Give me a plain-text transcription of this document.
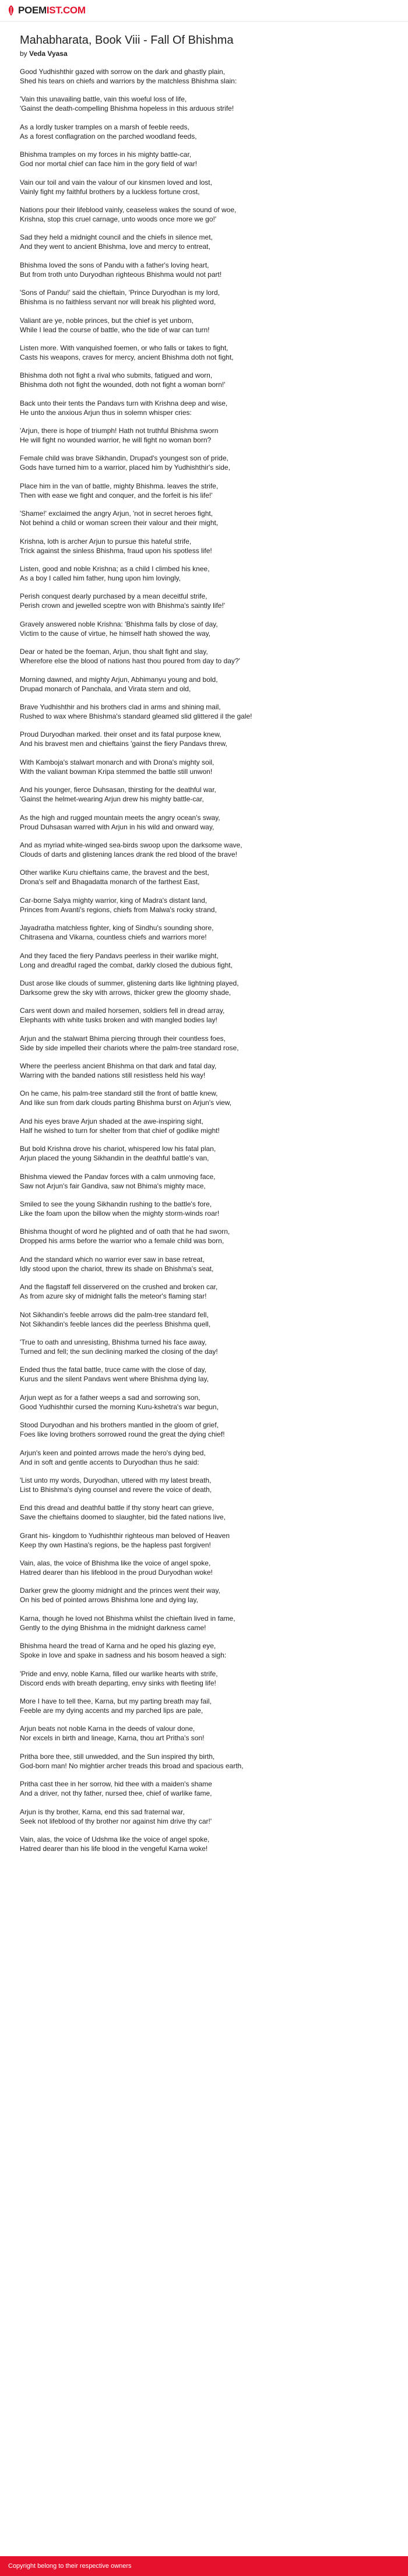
POEM IST.COM
Mahabharata, Book Viii - Fall Of Bhishma

by Veda Vyasa

Good Yudhishthir gazed with sorrow on the dark and ghastly plain,
Shed his tears on chiefs and warriors by the matchless Bhishma slain:

'Vain this unavailing battle, vain this woeful loss of life,
'Gainst the death-compelling Bhishma hopeless in this arduous strife!

As a lordly tusker tramples on a marsh of feeble reeds,
As a forest conflagration on the parched woodland feeds,

Bhishma tramples on my forces in his mighty battle-car,
God nor mortal chief can face him in the gory field of war!

Vain our toil and vain the valour of our kinsmen loved and lost,
Vainly fight my faithful brothers by a luckless fortune crost,

Nations pour their lifeblood vainly, ceaseless wakes the sound of woe,
Krishna, stop this cruel carnage, unto woods once more we go!'

Sad they held a midnight council and the chiefs in silence met,
And they went to ancient Bhishma, love and mercy to entreat,

Bhishma loved the sons of Pandu with a father's loving heart,
But from troth unto Duryodhan righteous Bhishma would not part!

'Sons of Pandu!' said the chieftain, 'Prince Duryodhan is my lord,
Bhishma is no faithless servant nor will break his plighted word,

Valiant are ye, noble princes, but the chief is yet unborn,
While I lead the course of battle, who the tide of war can turn!

Listen more. With vanquished foemen, or who falls or takes to fight,
Casts his weapons, craves for mercy, ancient Bhishma doth not fight,

Bhishma doth not fight a rival who submits, fatigued and worn,
Bhishma doth not fight the wounded, doth not fight a woman born!'

Back unto their tents the Pandavs turn with Krishna deep and wise,
He unto the anxious Arjun thus in solemn whisper cries:

'Arjun, there is hope of triumph! Hath not truthful Bhishma sworn
He will fight no wounded warrior, he will fight no woman born?

Female child was brave Sikhandin, Drupad's youngest son of pride,
Gods have turned him to a warrior, placed him by Yudhishthir's side,

Place him in the van of battle, mighty Bhishma. leaves the strife,
Then with ease we fight and conquer, and the forfeit is his life!'

'Shame!' exclaimed the angry Arjun, 'not in secret heroes fight,
Not behind a child or woman screen their valour and their might,

Krishna, loth is archer Arjun to pursue this hateful strife,
Trick against the sinless Bhishma, fraud upon his spotless life!

Listen, good and noble Krishna; as a child I climbed his knee,
As a boy I called him father, hung upon him lovingly,

Perish conquest dearly purchased by a mean deceitful strife,
Perish crown and jewelled sceptre won with Bhishma's saintly life!'

Gravely answered noble Krishna: 'Bhishma falls by close of day,
Victim to the cause of virtue, he himself hath showed the way,

Dear or hated be the foeman, Arjun, thou shalt fight and slay,
Wherefore else the blood of nations hast thou poured from day to day?'

Morning dawned, and mighty Arjun, Abhimanyu young and bold,
Drupad monarch of Panchala, and Virata stern and old,

Brave Yudhishthir and his brothers clad in arms and shining mail,
Rushed to wax where Bhishma's standard gleamed slid glittered il the gale!

Proud Duryodhan marked. their onset and its fatal purpose knew,
And his bravest men and chieftains 'gainst the fiery Pandavs threw,

With Kamboja's stalwart monarch and with Drona's mighty soil,
With the valiant bowman Kripa stemmed the battle still unwon!

And his younger, fierce Duhsasan, thirsting for the deathful war,
'Gainst the helmet-wearing Arjun drew his mighty battle-car,

As the high and rugged mountain meets the angry ocean's sway,
Proud Duhsasan warred with Arjun in his wild and onward way,

And as myriad white-winged sea-birds swoop upon the darksome wave,
Clouds of darts and glistening lances drank the red blood of the brave!

Other warlike Kuru chieftains came, the bravest and the best,
Drona's self and Bhagadatta monarch of the farthest East,

Car-borne Salya mighty warrior, king of Madra's distant land,
Princes from Avanti's regions, chiefs from Malwa's rocky strand,

Jayadratha matchless fighter, king of Sindhu's sounding shore,
Chitrasena and Vikarna, countless chiefs and warriors more!

And they faced the fiery Pandavs peerless in their warlike might,
Long and dreadful raged the combat, darkly closed the dubious fight,

Dust arose like clouds of summer, glistening darts like lightning played,
Darksome grew the sky with arrows, thicker grew the gloomy shade,

Cars went down and mailed horsemen, soldiers fell in dread array,
Elephants with white tusks broken and with mangled bodies lay!

Arjun and the stalwart Bhima piercing through their countless foes,
Side by side impelled their chariots where the palm-tree standard rose,

Where the peerless ancient Bhishma on that dark and fatal day,
Warring with the banded nations still resistless held his way!

On he came, his palm-tree standard still the front of battle knew,
And like sun from dark clouds parting Bhishma burst on Arjun's view,

And his eyes brave Arjun shaded at the awe-inspiring sight,
Half he wished to turn for shelter from that chief of godlike might!

But bold Krishna drove his chariot, whispered low his fatal plan,
Arjun placed the young Sikhandin in the deathful battle's van,

Bhishma viewed the Pandav forces with a calm unmoving face,
Saw not Arjun's fair Gandiva, saw not Bhima's mighty mace,

Smiled to see the young Sikhandin rushing to the battle's fore,
Like the foam upon the billow when the mighty storm-winds roar!

Bhishma thought of word he plighted and of oath that he had sworn,
Dropped his arms before the warrior who a female child was born,

And the standard which no warrior ever saw in base retreat,
Idly stood upon the chariot, threw its shade on Bhishma's seat,

And the flagstaff fell disservered on the crushed and broken car,
As from azure sky of midnight falls the meteor's flaming star!

Not Sikhandin's feeble arrows did the palm-tree standard fell,
Not Sikhandin's feeble lances did the peerless Bhishma quell,

'True to oath and unresisting, Bhishma turned his face away,
Turned and fell; the sun declining marked the closing of the day!

Ended thus the fatal battle, truce came with the close of day,
Kurus and the silent Pandavs went where Bhishma dying lay,

Arjun wept as for a father weeps a sad and sorrowing son,
Good Yudhishthir cursed the morning Kuru-kshetra's war begun,

Stood Duryodhan and his brothers mantled in the gloom of grief,
Foes like loving brothers sorrowed round the great the dying chief!

Arjun's keen and pointed arrows made the hero's dying bed,
And in soft and gentle accents to Duryodhan thus he said:

'List unto my words, Duryodhan, uttered with my latest breath,
List to Bhishma's dying counsel and revere the voice of death,

End this dread and deathful battle if thy stony heart can grieve,
Save the chieftains doomed to slaughter, bid the fated nations live,

Grant his- kingdom to Yudhishthir righteous man beloved of Heaven
Keep thy own Hastina's regions, be the hapless past forgiven!

Vain, alas, the voice of Bhishma like the voice of angel spoke,
Hatred dearer than his lifeblood in the proud Duryodhan woke!

Darker grew the gloomy midnight and the princes went their way,
On his bed of pointed arrows Bhishma lone and dying lay,

Karna, though he loved not Bhishma whilst the chieftain lived in fame,
Gently to the dying Bhishma in the midnight darkness came!

Bhishma heard the tread of Karna and he oped his glazing eye,
Spoke in love and spake in sadness and his bosom heaved a sigh:

'Pride and envy, noble Karna, filled our warlike hearts with strife,
Discord ends with breath departing, envy sinks with fleeting life!

More I have to tell thee, Karna, but my parting breath may fail,
Feeble are my dying accents and my parched lips are pale,

Arjun beats not noble Karna in the deeds of valour done,
Nor excels in birth and lineage, Karna, thou art Pritha's son!

Pritha bore thee, still unwedded, and the Sun inspired thy birth,
God-born man! No mightier archer treads this broad and spacious earth,

Pritha cast thee in her sorrow, hid thee with a maiden's shame
And a driver, not thy father, nursed thee, chief of warlike fame,

Arjun is thy brother, Karna, end this sad fraternal war,
Seek not lifeblood of thy brother nor against him drive thy car!'

Vain, alas, the voice of Udshma like the voice of angel spoke,
Hatred dearer than his life blood in the vengeful Karna woke!

Copyright belong to their respective owners
